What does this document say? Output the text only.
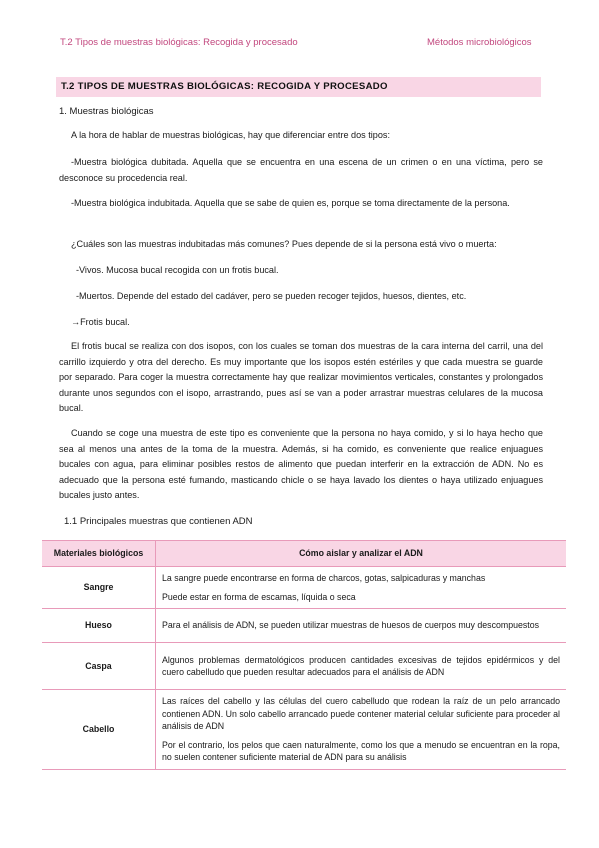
T.2 Tipos de muestras biológicas: Recogida y procesado	Métodos microbiológicos
T.2 TIPOS DE MUESTRAS BIOLÓGICAS: RECOGIDA Y PROCESADO
1. Muestras biológicas

A la hora de hablar de muestras biológicas, hay que diferenciar entre dos tipos:

-Muestra biológica dubitada. Aquella que se encuentra en una escena de un crimen o en una víctima, pero se desconoce su procedencia real.

-Muestra biológica indubitada. Aquella que se sabe de quien es, porque se toma directamente de la persona.

¿Cuáles son las muestras indubitadas más comunes? Pues depende de si la persona está vivo o muerta:

-Vivos. Mucosa bucal recogida con un frotis bucal.

-Muertos. Depende del estado del cadáver, pero se pueden recoger tejidos, huesos, dientes, etc.

→Frotis bucal.

El frotis bucal se realiza con dos isopos, con los cuales se toman dos muestras de la cara interna del carril, una del carrillo izquierdo y otra del derecho. Es muy importante que los isopos estén estériles y que cada muestra se guarde por separado. Para coger la muestra correctamente hay que realizar movimientos verticales, constantes y prolongados durante unos segundos con el isopo, arrastrando, pues así se van a poder arrastrar muestras celulares de la mucosa bucal.

Cuando se coge una muestra de este tipo es conveniente que la persona no haya comido, y si lo haya hecho que sea al menos una antes de la toma de la muestra. Además, si ha comido, es conveniente que realice enjuagues bucales con agua, para eliminar posibles restos de alimento que puedan interferir en la extracción de ADN. No es adecuado que la persona esté fumando, masticando chicle o se haya lavado los dientes o haya utilizado enjuagues bucales justo antes.

1.1 Principales muestras que contienen ADN
Materiales biológicos	Cómo aislar y analizar el ADN
Sangre	La sangre puede encontrarse en forma de charcos, gotas, salpicaduras y manchas
Puede estar en forma de escamas, líquida o seca

Hueso	Para el análisis de ADN, se pueden utilizar muestras de huesos de cuerpos muy descompuestos

Caspa	Algunos problemas dermatológicos producen cantidades excesivas de tejidos epidérmicos y del cuero cabelludo que pueden resultar adecuados para el análisis de ADN

Cabello	Las raíces del cabello y las células del cuero cabelludo que rodean la raíz de un pelo arrancado contienen ADN. Un solo cabello arrancado puede contener material celular suficiente para proceder al análisis de ADN
Por el contrario, los pelos que caen naturalmente, como los que a menudo se encuentran en la ropa, no suelen contener suficiente material de ADN para su análisis
